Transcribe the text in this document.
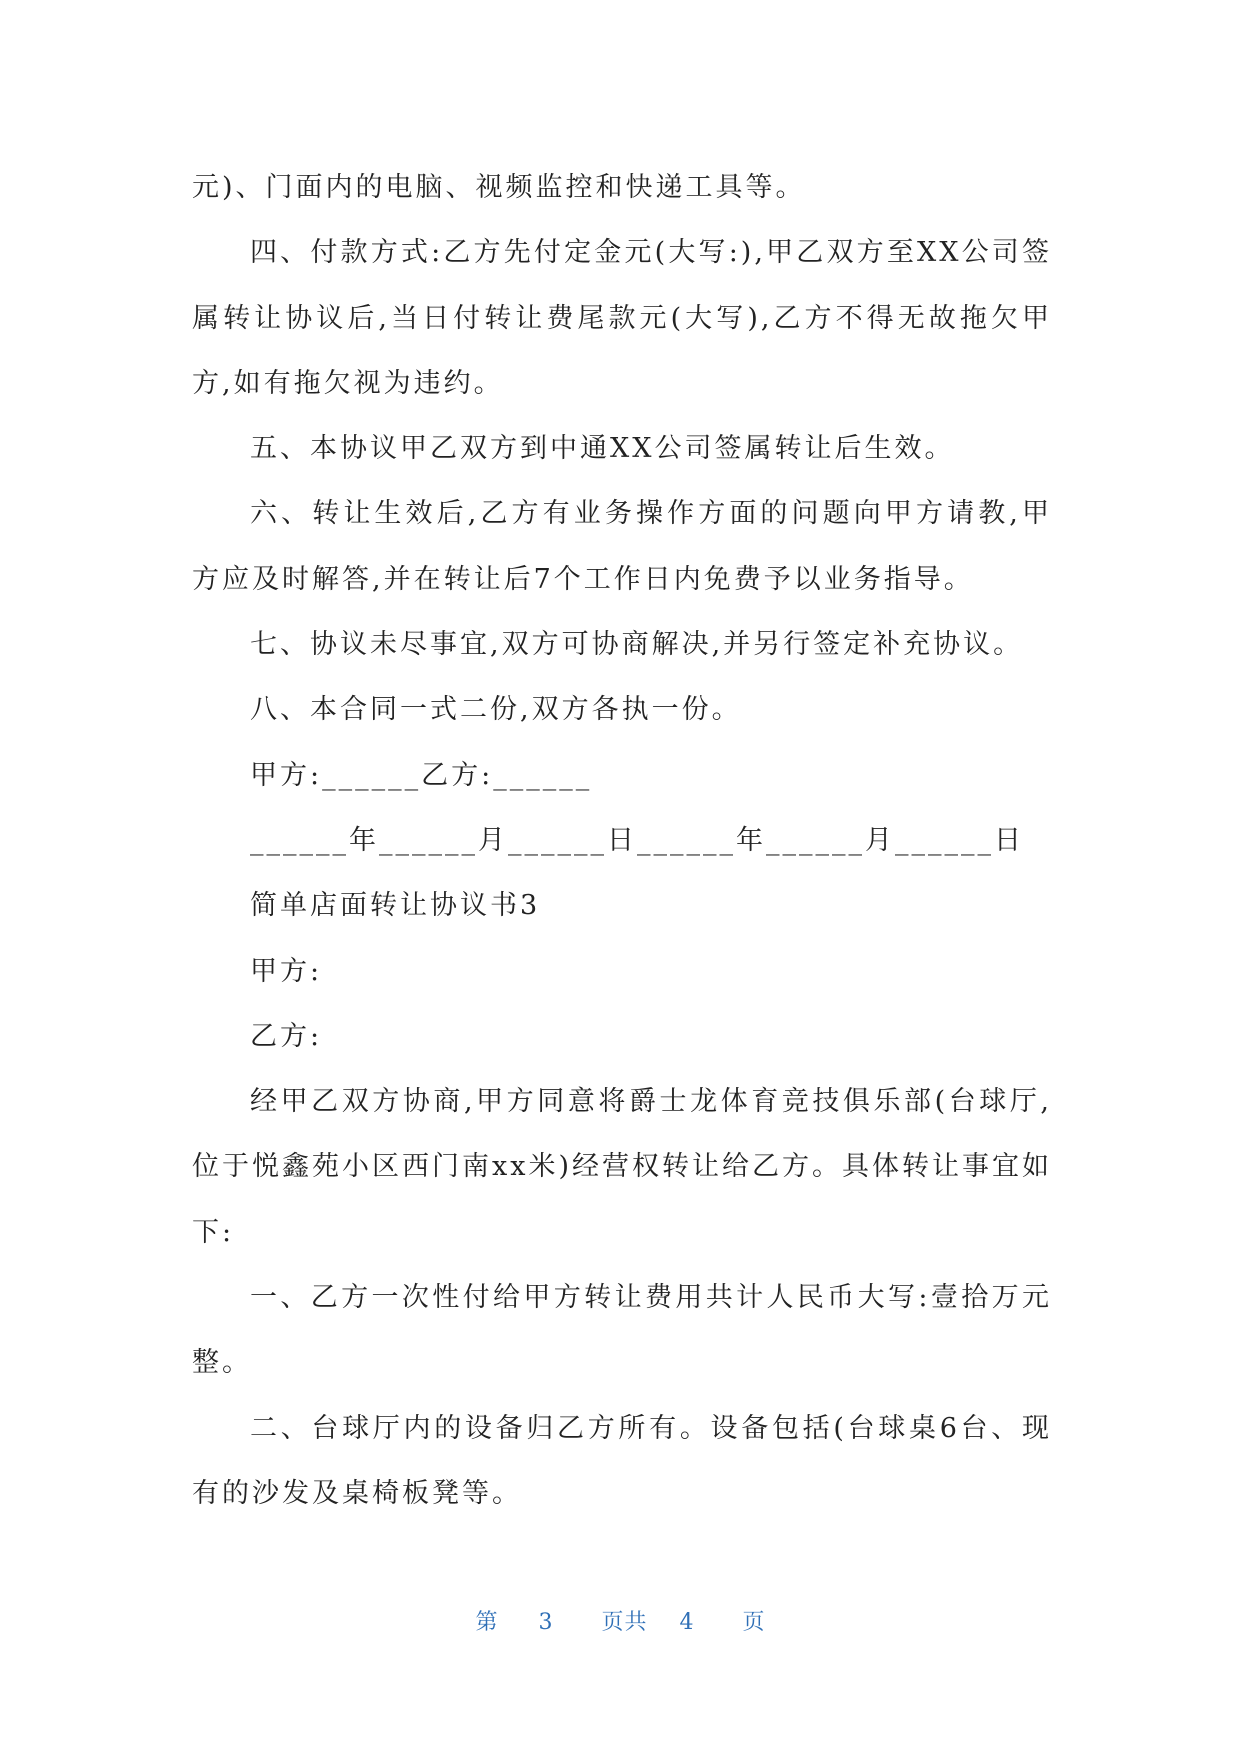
元)、门面内的电脑、视频监控和快递工具等。

四、付款方式:乙方先付定金元(大写:),甲乙双方至XX公司签属转让协议后,当日付转让费尾款元(大写),乙方不得无故拖欠甲方,如有拖欠视为违约。

五、本协议甲乙双方到中通XX公司签属转让后生效。

六、转让生效后,乙方有业务操作方面的问题向甲方请教,甲方应及时解答,并在转让后7个工作日内免费予以业务指导。

七、协议未尽事宜,双方可协商解决,并另行签定补充协议。

八、本合同一式二份,双方各执一份。

甲方:______乙方:______

______年______月______日______年______月______日

简单店面转让协议书3

甲方:

乙方:

经甲乙双方协商,甲方同意将爵士龙体育竞技俱乐部(台球厅,位于悦鑫苑小区西门南xx米)经营权转让给乙方。具体转让事宜如下:

一、乙方一次性付给甲方转让费用共计人民币大写:壹拾万元整。

二、台球厅内的设备归乙方所有。设备包括(台球桌6台、现有的沙发及桌椅板凳等。

第 3 页共 4 页
